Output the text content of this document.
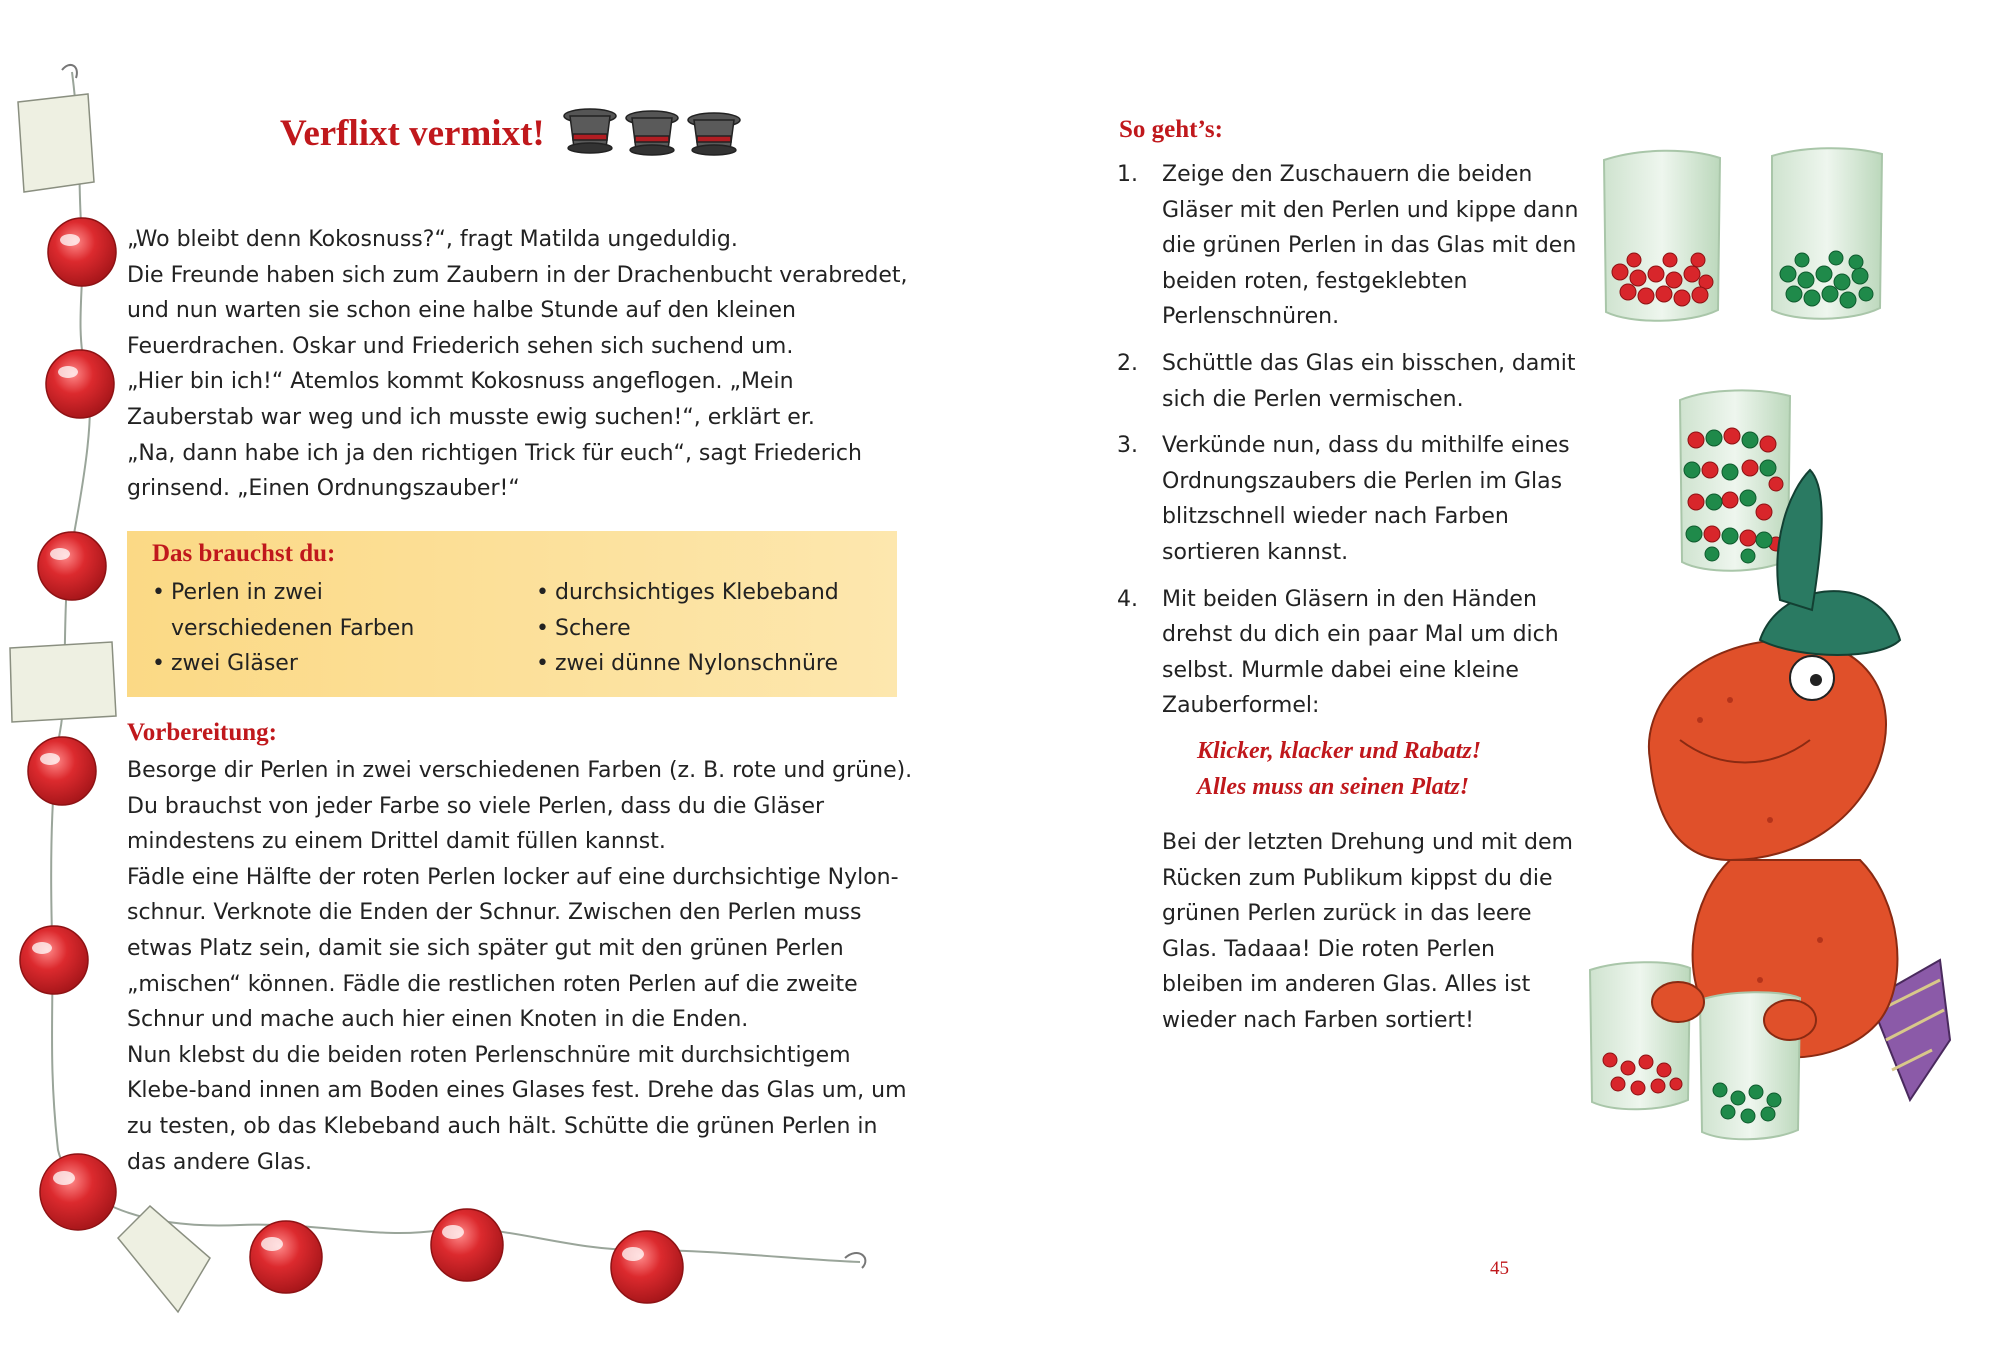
Verflixt vermixt!
„Wo bleibt denn Kokosnuss?“, fragt Matilda ungeduldig.
Die Freunde haben sich zum Zaubern in der Drachenbucht verabredet, und nun warten sie schon eine halbe Stunde auf den kleinen Feuerdrachen. Oskar und Friederich sehen sich suchend um.
„Hier bin ich!“ Atemlos kommt Kokosnuss angeflogen. „Mein Zauberstab war weg und ich musste ewig suchen!“, erklärt er.
„Na, dann habe ich ja den richtigen Trick für euch“, sagt Friederich grinsend. „Einen Ordnungszauber!“
Das brauchst du:
• Perlen in zwei verschiedenen Farben
• zwei Gläser
• durchsichtiges Klebeband
• Schere
• zwei dünne Nylonschnüre
Vorbereitung:
Besorge dir Perlen in zwei verschiedenen Farben (z. B. rote und grüne). Du brauchst von jeder Farbe so viele Perlen, dass du die Gläser mindestens zu einem Drittel damit füllen kannst.
Fädle eine Hälfte der roten Perlen locker auf eine durchsichtige Nylon-schnur. Verknote die Enden der Schnur. Zwischen den Perlen muss etwas Platz sein, damit sie sich später gut mit den grünen Perlen „mischen“ können. Fädle die restlichen roten Perlen auf die zweite Schnur und mache auch hier einen Knoten in die Enden.
Nun klebst du die beiden roten Perlenschnüre mit durchsichtigem Klebe-band innen am Boden eines Glases fest. Drehe das Glas um, um zu testen, ob das Klebeband auch hält. Schütte die grünen Perlen in das andere Glas.
So geht’s:
1. Zeige den Zuschauern die beiden Gläser mit den Perlen und kippe dann die grünen Perlen in das Glas mit den beiden roten, festgeklebten Perlenschnüren.
2. Schüttle das Glas ein bisschen, damit sich die Perlen vermischen.
3. Verkünde nun, dass du mithilfe eines Ordnungszaubers die Perlen im Glas blitzschnell wieder nach Farben sortieren kannst.
4. Mit beiden Gläsern in den Händen drehst du dich ein paar Mal um dich selbst. Murmle dabei eine kleine Zauberformel:
Klicker, klacker und Rabatz!
Alles muss an seinen Platz!
Bei der letzten Drehung und mit dem Rücken zum Publikum kippst du die grünen Perlen zurück in das leere Glas. Tadaaa! Die roten Perlen bleiben im anderen Glas. Alles ist wieder nach Farben sortiert!
45
